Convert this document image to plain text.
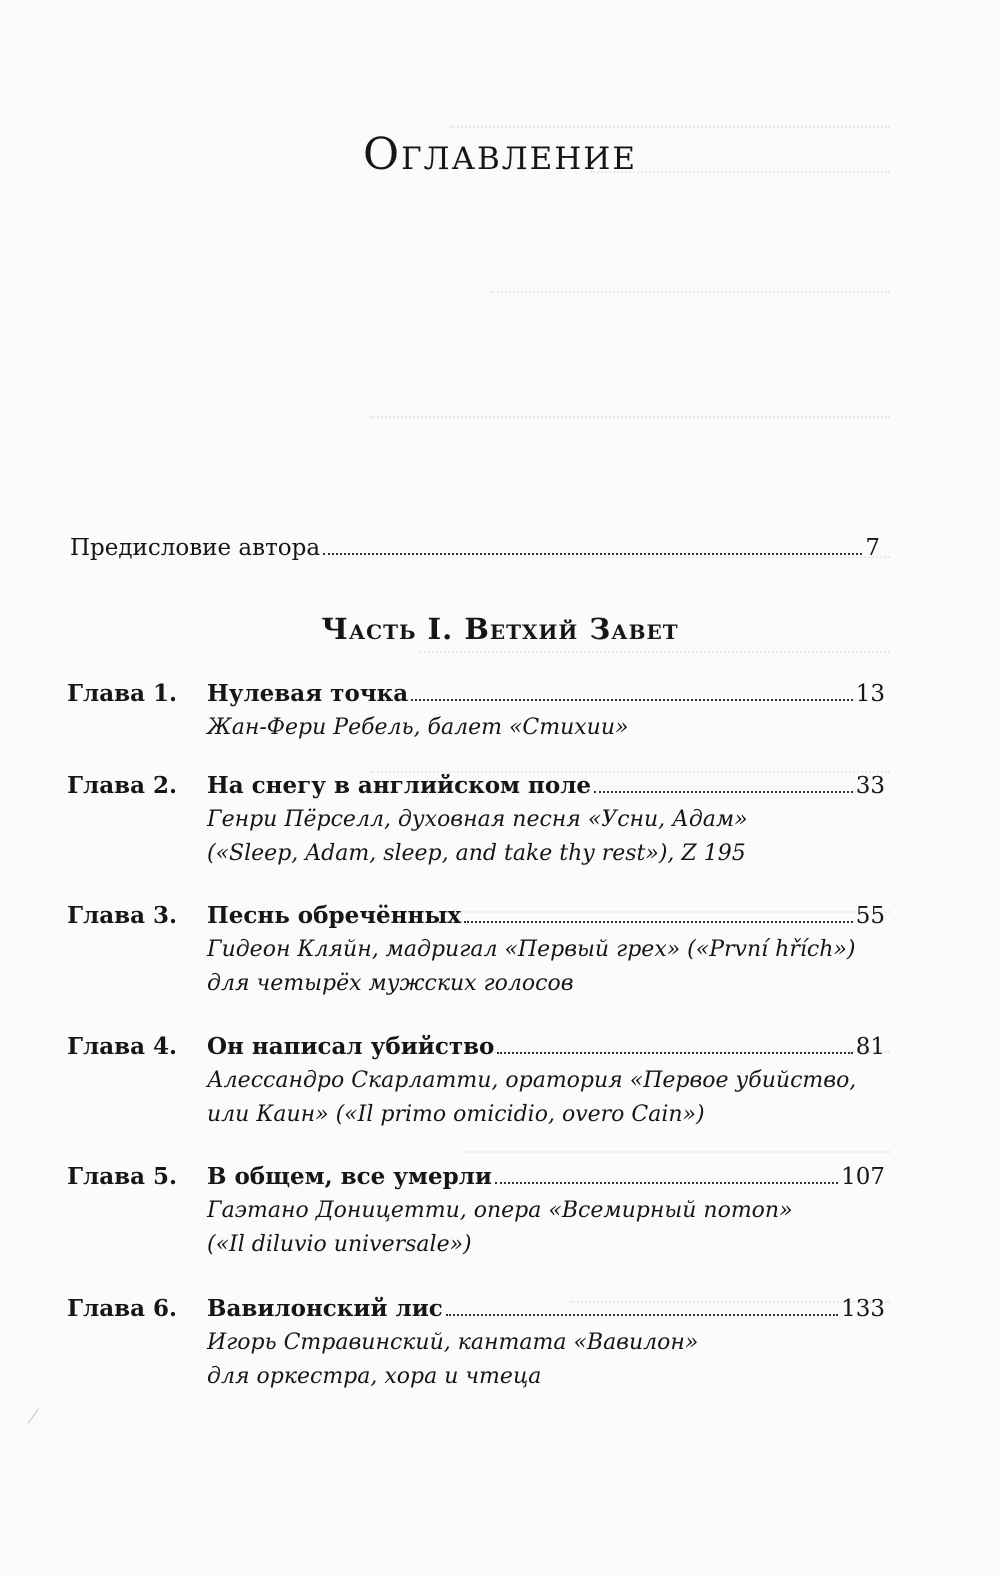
Оглавление
Предисловие автора	7
Часть I. Ветхий Завет
Глава 1. Нулевая точка	13
Жан-Фери Ребель, балет «Стихии»
Глава 2. На снегу в английском поле	33
Генри Пёрселл, духовная песня «Усни, Адам»
(«Sleep, Adam, sleep, and take thy rest»), Z 195
Глава 3. Песнь обречённых	55
Гидеон Кляйн, мадригал «Первый грех» («První hřích»)
для четырёх мужских голосов
Глава 4. Он написал убийство	81
Алессандро Скарлатти, оратория «Первое убийство,
или Каин» («Il primo omicidio, overo Cain»)
Глава 5. В общем, все умерли	107
Гаэтано Доницетти, опера «Всемирный потоп»
(«Il diluvio universale»)
Глава 6. Вавилонский лис	133
Игорь Стравинский, кантата «Вавилон»
для оркестра, хора и чтеца
